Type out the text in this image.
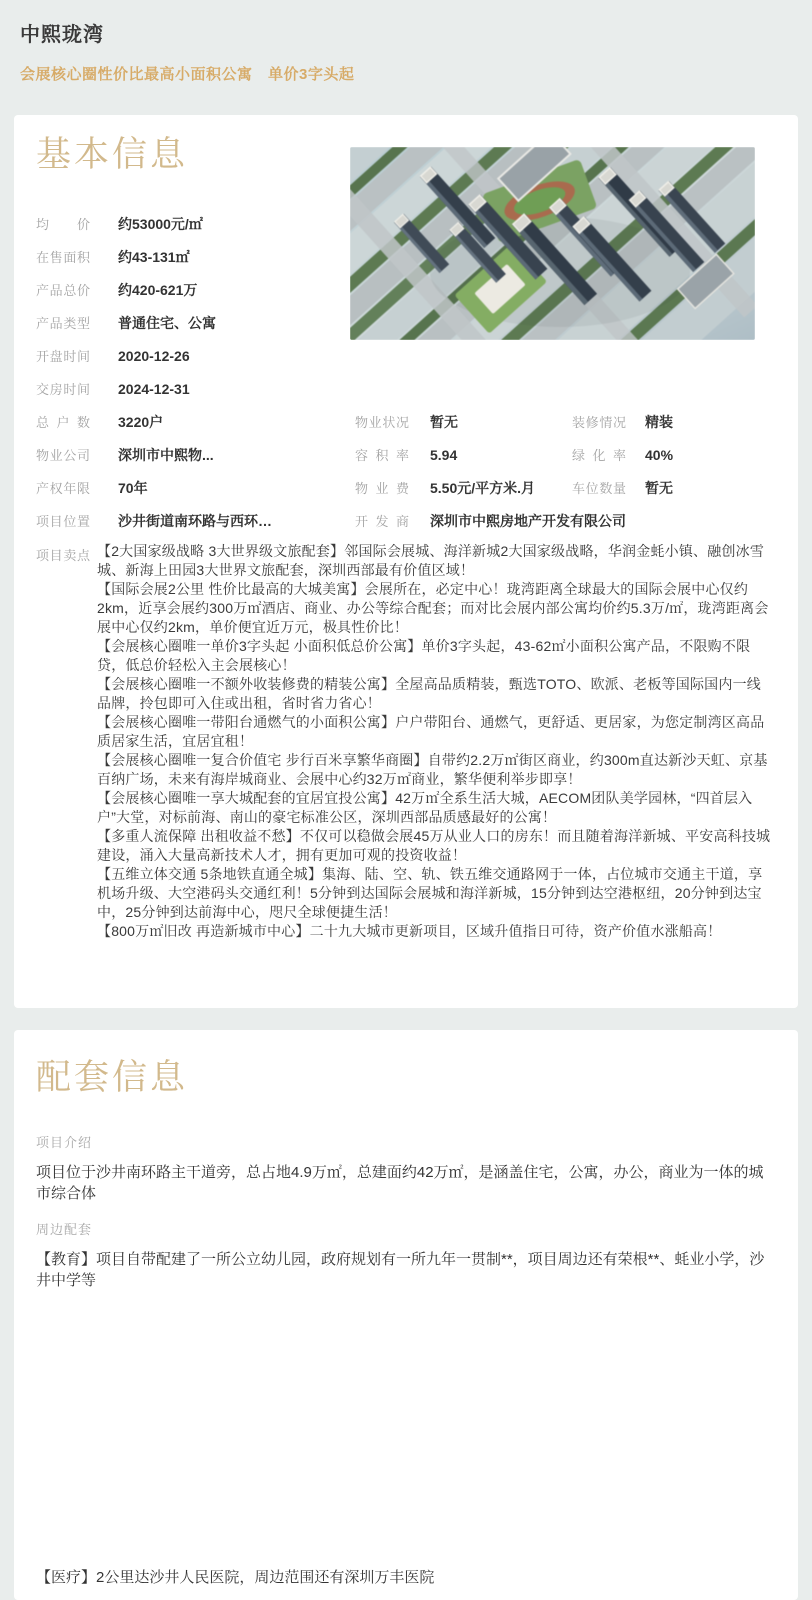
中熙珑湾
会展核心圈性价比最高小面积公寓　单价3字头起
基本信息
均价 约53000元/㎡
在售面积 约43-131㎡
产品总价 约420-621万
产品类型 普通住宅、公寓
开盘时间 2020-12-26
交房时间 2024-12-31
总户数 3220户	物业状况 暂无	装修情况 精装
物业公司 深圳市中熙物...	容积率 5.94	绿化率 40%
产权年限 70年	物业费 5.50元/平方米.月	车位数量 暂无
项目位置 沙井街道南环路与西环…	开发商 深圳市中熙房地产开发有限公司
项目卖点 【2大国家级战略 3大世界级文旅配套】邻国际会展城、海洋新城2大国家级战略，华润金蚝小镇、融创冰雪城、新海上田园3大世界文旅配套，深圳西部最有价值区域！
【国际会展2公里 性价比最高的大城美寓】会展所在，必定中心！珑湾距离全球最大的国际会展中心仅约2km，近享会展约300万㎡酒店、商业、办公等综合配套；而对比会展内部公寓均价约5.3万/㎡，珑湾距离会展中心仅约2km，单价便宜近万元，极具性价比！
【会展核心圈唯一单价3字头起 小面积低总价公寓】单价3字头起，43-62㎡小面积公寓产品，不限购不限贷，低总价轻松入主会展核心！
【会展核心圈唯一不额外收装修费的精装公寓】全屋高品质精装，甄选TOTO、欧派、老板等国际国内一线品牌，拎包即可入住或出租，省时省力省心！
【会展核心圈唯一带阳台通燃气的小面积公寓】户户带阳台、通燃气，更舒适、更居家，为您定制湾区高品质居家生活，宜居宜租！
【会展核心圈唯一复合价值宅 步行百米享繁华商圈】自带约2.2万㎡街区商业，约300m直达新沙天虹、京基百纳广场，未来有海岸城商业、会展中心约32万㎡商业，繁华便利举步即享！
【会展核心圈唯一享大城配套的宜居宜投公寓】42万㎡全系生活大城，AECOM团队美学园林，“四首层入户”大堂，对标前海、南山的豪宅标准公区，深圳西部品质感最好的公寓！
【多重人流保障 出租收益不愁】不仅可以稳做会展45万从业人口的房东！而且随着海洋新城、平安高科技城建设，涌入大量高新技术人才，拥有更加可观的投资收益！
【五维立体交通 5条地铁直通全城】集海、陆、空、轨、铁五维交通路网于一体，占位城市交通主干道，享机场升级、大空港码头交通红利！5分钟到达国际会展城和海洋新城，15分钟到达空港枢纽，20分钟到达宝中，25分钟到达前海中心，咫尺全球便捷生活！
【800万㎡旧改 再造新城市中心】二十九大城市更新项目，区域升值指日可待，资产价值水涨船高！
配套信息
项目介绍
项目位于沙井南环路主干道旁，总占地4.9万㎡，总建面约42万㎡，是涵盖住宅，公寓，办公，商业为一体的城市综合体
周边配套
【教育】项目自带配建了一所公立幼儿园，政府规划有一所九年一贯制**，项目周边还有荣根**、蚝业小学，沙井中学等
【医疗】2公里达沙井人民医院，周边范围还有深圳万丰医院
